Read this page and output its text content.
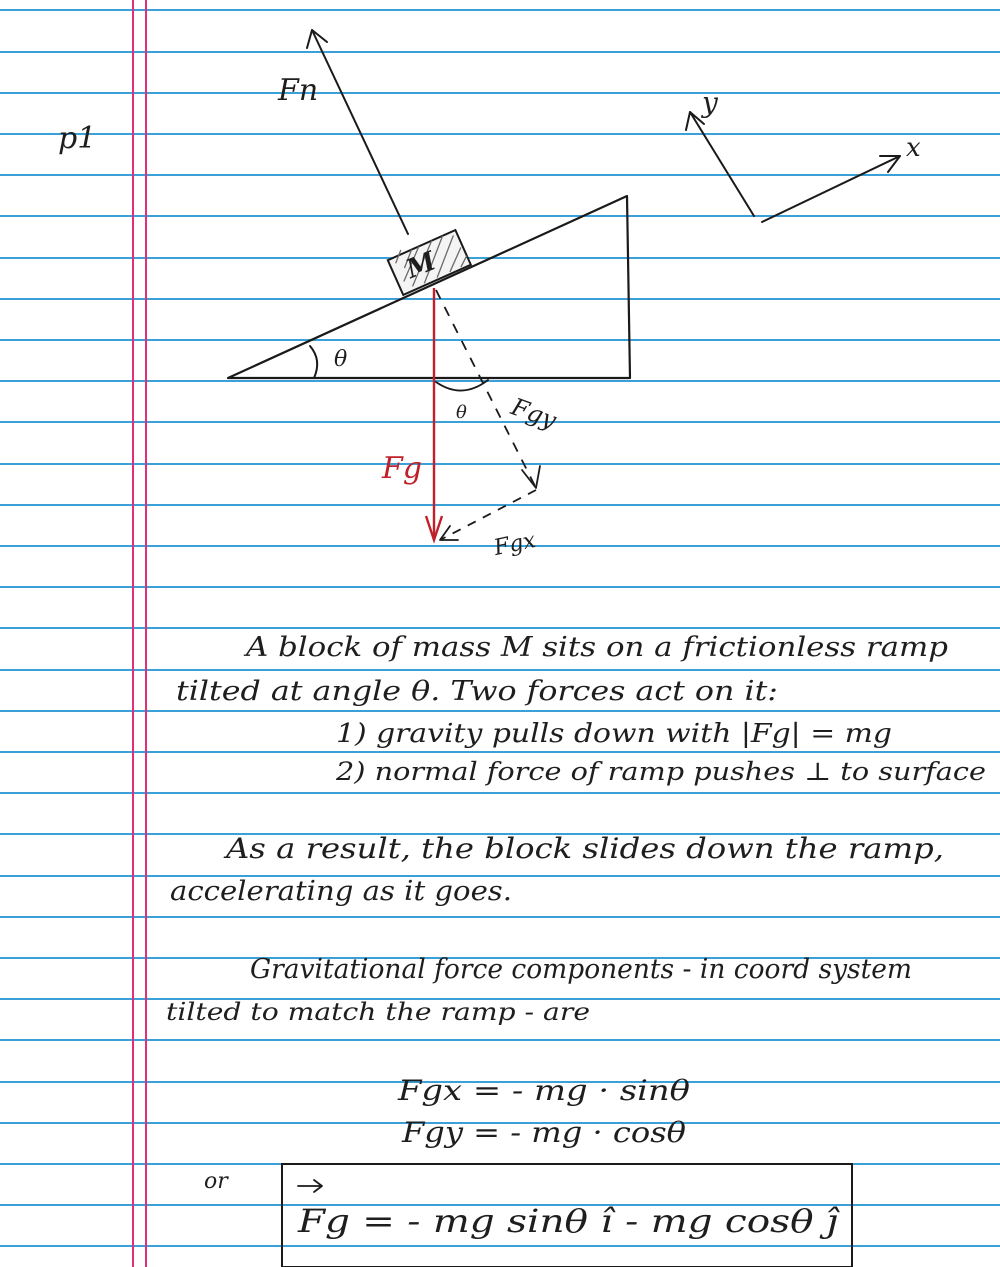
p1
θ
M
Fn
Fg
Fgy
Fgx
θ
x
y
A block of mass M sits on a frictionless ramp
tilted at angle θ. Two forces act on it:
1) gravity pulls down with |Fg| = mg
2) normal force of ramp pushes ⊥ to surface
As a result, the block slides down the ramp,
accelerating as it goes.
Gravitational force components - in coord system
tilted to match the ramp - are
Fgx = - mg · sinθ
Fgy = - mg · cosθ
or
Fg = - mg sinθ î - mg cosθ ĵ
